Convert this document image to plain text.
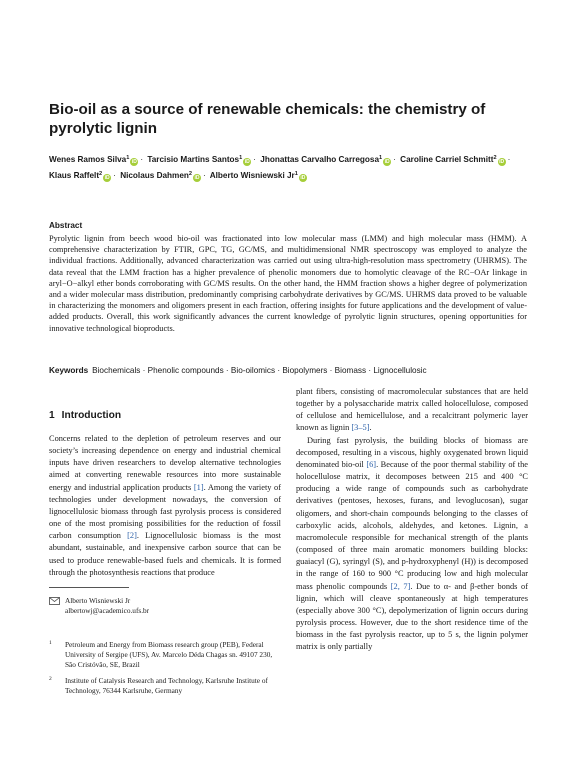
Bio-oil as a source of renewable chemicals: the chemistry of pyrolytic lignin
Wenes Ramos Silva$^1$iD · Tarcisio Martins Santos$^1$iD · Jhonattas Carvalho Carregosa$^1$iD · Caroline Carriel Schmitt$^2$iD ·
Klaus Raffelt$^2$iD · Nicolaus Dahmen$^2$iD · Alberto Wisniewski Jr$^1$iD
Abstract
Pyrolytic lignin from beech wood bio-oil was fractionated into low molecular mass (LMM) and high molecular mass (HMM). A comprehensive characterization by FTIR, GPC, TG, GC/MS, and multidimensional NMR spectroscopy was employed to analyze the individual fractions. Additionally, advanced characterization was carried out using ultra-high-resolution mass spectrometry (UHRMS). The data reveal that the LMM fraction has a higher prevalence of phenolic monomers due to homolytic cleavage of the RC−OAr linkage in aryl−O−alkyl ether bonds corroborating with GC/MS results. On the other hand, the HMM fraction shows a higher degree of polymerization and a wider molecular mass distribution, predominantly comprising carbohydrate derivatives by GC/MS. UHRMS data proved to be valuable in characterizing the monomers and oligomers present in each fraction, offering insights for future applications and the development of value-added products. Overall, this work significantly advances the current knowledge of pyrolytic lignin structures, opening opportunities for innovative technological bioproducts.
Keywords Biochemicals · Phenolic compounds · Bio-oilomics · Biopolymers · Biomass · Lignocellulosic
1 Introduction
Concerns related to the depletion of petroleum reserves and our society’s increasing dependence on energy and industrial chemical inputs have driven researchers to develop alternative technologies aimed at converting renewable resources into more sustainable energy and industrial application products [1]. Among the variety of technologies under development nowadays, the conversion of lignocellulosic biomass through fast pyrolysis process is considered one of the most promising possibilities for the reduction of fossil carbon consumption [2]. Lignocellulosic biomass is the most abundant, sustainable, and inexpensive carbon source that can be used to produce renewable-based fuels and chemicals. It is formed through the photosynthesis reactions that produce

plant fibers, consisting of macromolecular substances that are held together by a polysaccharide matrix called holocellulose, composed of cellulose and hemicellulose, and a recalcitrant polymeric layer known as lignin [3–5].

During fast pyrolysis, the building blocks of biomass are decomposed, resulting in a viscous, highly oxygenated brown liquid denominated bio-oil [6]. Because of the poor thermal stability of the holocellulose matrix, it decomposes between 215 and 400 °C producing a wide range of compounds such as carbohydrate derivatives (pentoses, hexoses, furans, and levoglucosan), sugar oligomers, and short-chain compounds belonging to the classes of carboxylic acids, alcohols, aldehydes, and ketones. Lignin, a macromolecule responsible for mechanical strength of the plants (composed of three main aromatic monomers building blocks: guaiacyl (G), syringyl (S), and p-hydroxyphenyl (H)) is decomposed in the range of 160 to 900 °C producing low and high molecular mass phenolic compounds [2, 7]. Due to α- and β-ether bonds of lignin, which will cleave spontaneously at high temperatures (especially above 300 °C), depolymerization of lignin occurs during pyrolysis process. However, due to the short residence time of the biomass in the fast pyrolysis reactor, up to 5 s, the lignin polymer matrix is only partially

Alberto Wisniewski Jr
albertowj@academico.ufs.br
1 Petroleum and Energy from Biomass research group (PEB), Federal University of Sergipe (UFS), Av. Marcelo Déda Chagas sn. 49107 230, São Cristóvão, SE, Brazil
2 Institute of Catalysis Research and Technology, Karlsruhe Institute of Technology, 76344 Karlsruhe, Germany
